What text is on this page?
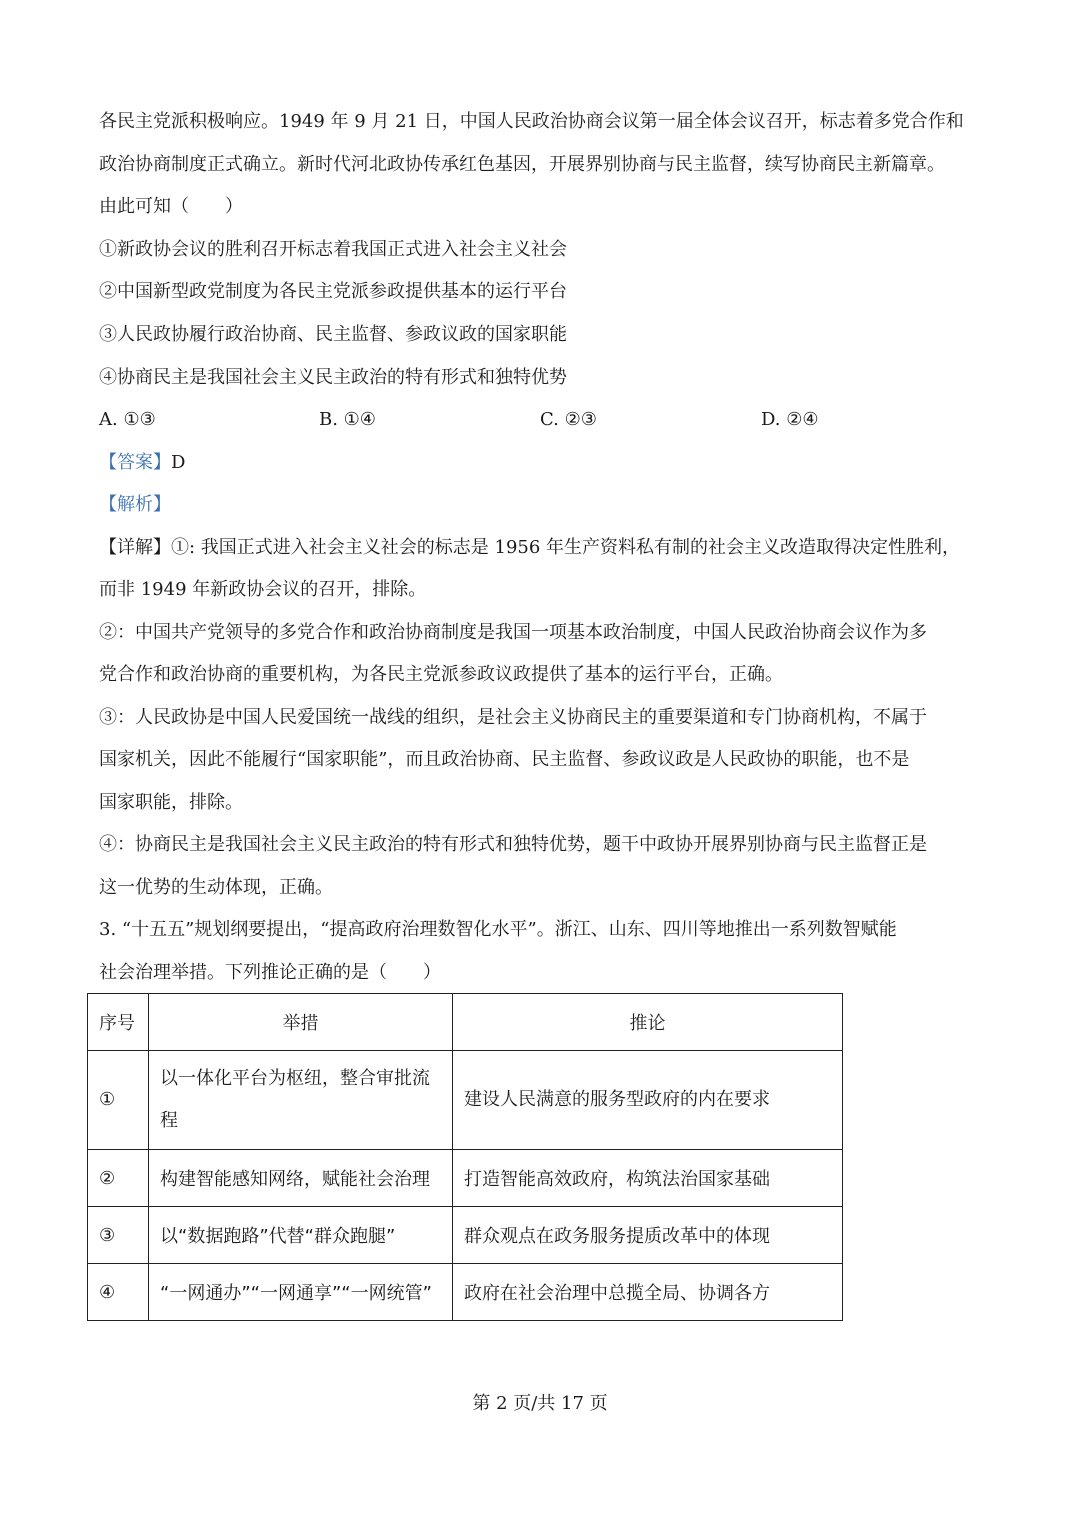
各民主党派积极响应。1949 年 9 月 21 日，中国人民政治协商会议第一届全体会议召开，标志着多党合作和
政治协商制度正式确立。新时代河北政协传承红色基因，开展界别协商与民主监督，续写协商民主新篇章。
由此可知（　　）
①新政协会议的胜利召开标志着我国正式进入社会主义社会
②中国新型政党制度为各民主党派参政提供基本的运行平台
③人民政协履行政治协商、民主监督、参政议政的国家职能
④协商民主是我国社会主义民主政治的特有形式和独特优势
A. ①③	B. ①④	C. ②③	D. ②④
【答案】D
【解析】
【详解】①: 我国正式进入社会主义社会的标志是 1956 年生产资料私有制的社会主义改造取得决定性胜利，
而非 1949 年新政协会议的召开，排除。
②：中国共产党领导的多党合作和政治协商制度是我国一项基本政治制度，中国人民政治协商会议作为多
党合作和政治协商的重要机构，为各民主党派参政议政提供了基本的运行平台，正确。
③：人民政协是中国人民爱国统一战线的组织，是社会主义协商民主的重要渠道和专门协商机构，不属于
国家机关，因此不能履行“国家职能”，而且政治协商、民主监督、参政议政是人民政协的职能，也不是
国家职能，排除。
④：协商民主是我国社会主义民主政治的特有形式和独特优势，题干中政协开展界别协商与民主监督正是
这一优势的生动体现，正确。
3. “十五五”规划纲要提出，“提高政府治理数智化水平”。浙江、山东、四川等地推出一系列数智赋能
社会治理举措。下列推论正确的是（　　）
序号	举措	推论
①	以一体化平台为枢纽，整合审批流程	建设人民满意的服务型政府的内在要求
②	构建智能感知网络，赋能社会治理	打造智能高效政府，构筑法治国家基础
③	以“数据跑路”代替“群众跑腿”	群众观点在政务服务提质改革中的体现
④	“一网通办”“一网通享”“一网统管”	政府在社会治理中总揽全局、协调各方
第 2 页/共 17 页
